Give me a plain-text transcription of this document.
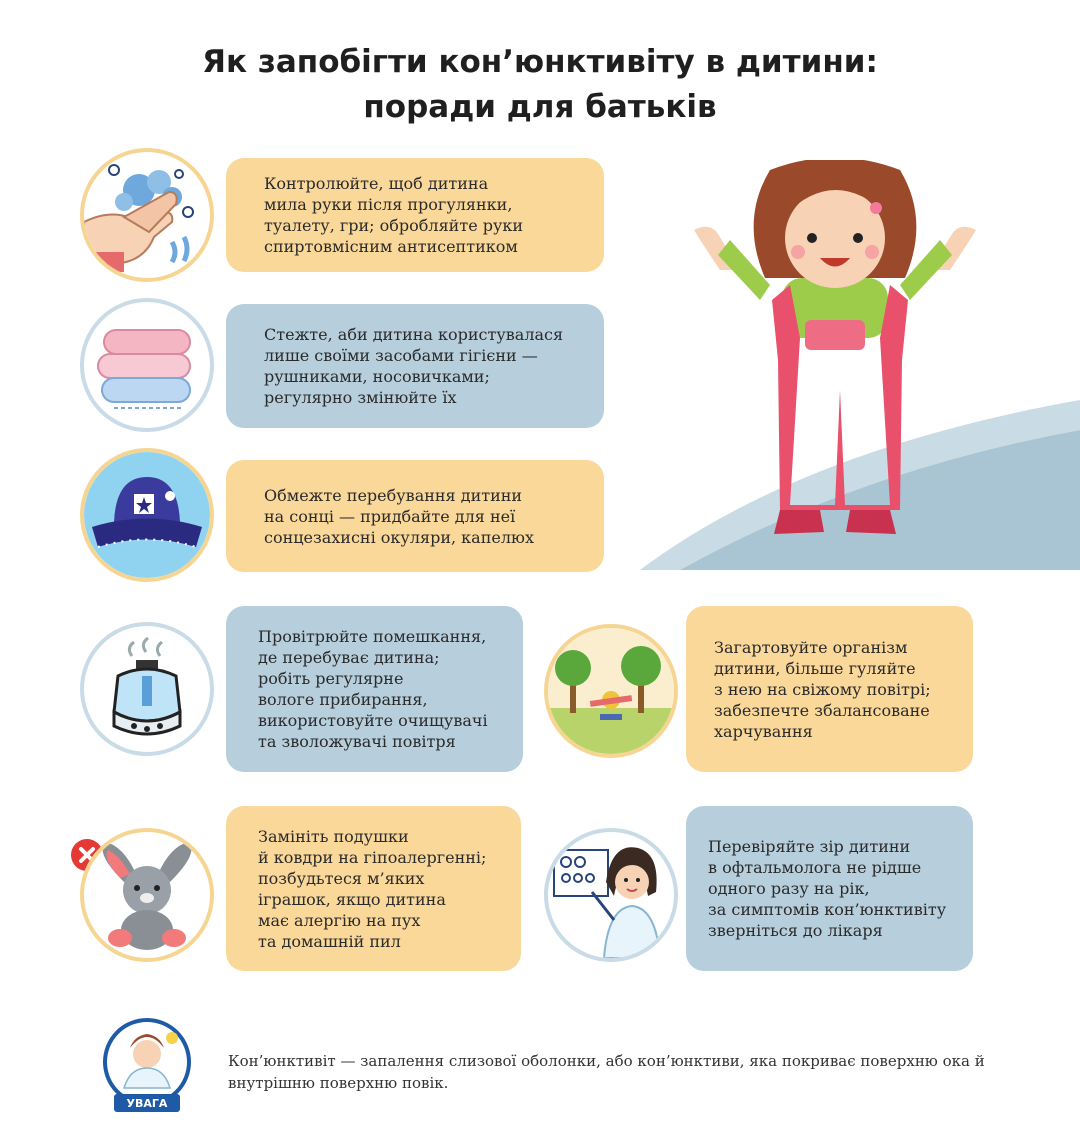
Як запобігти кон’юнктивіту в дитини:
поради для батьків
Контролюйте, щоб дитина
мила руки після прогулянки,
туалету, гри; обробляйте руки
спиртовмісним антисептиком
Стежте, аби дитина користувалася
лише своїми засобами гігієни —
рушниками, носовичками;
регулярно змінюйте їх
Обмежте перебування дитини
на сонці — придбайте для неї
сонцезахисні окуляри, капелюх
Провітрюйте помешкання,
де перебуває дитина;
робіть регулярне
вологе прибирання,
використовуйте очищувачі
та зволожувачі повітря
Загартовуйте організм
дитини, більше гуляйте
з нею на свіжому повітрі;
забезпечте збалансоване
харчування
Замініть подушки
й ковдри на гіпоалергенні;
позбудьтеся м’яких
іграшок, якщо дитина
має алергію на пух
та домашній пил
Перевіряйте зір дитини
в офтальмолога не рідше
одного разу на рік,
за симптомів кон’юнктивіту
зверніться до лікаря
УВАГА
Кон’юнктивіт — запалення слизової оболонки, або кон’юнктиви, яка покриває поверхню ока й внутрішню поверхню повік.
